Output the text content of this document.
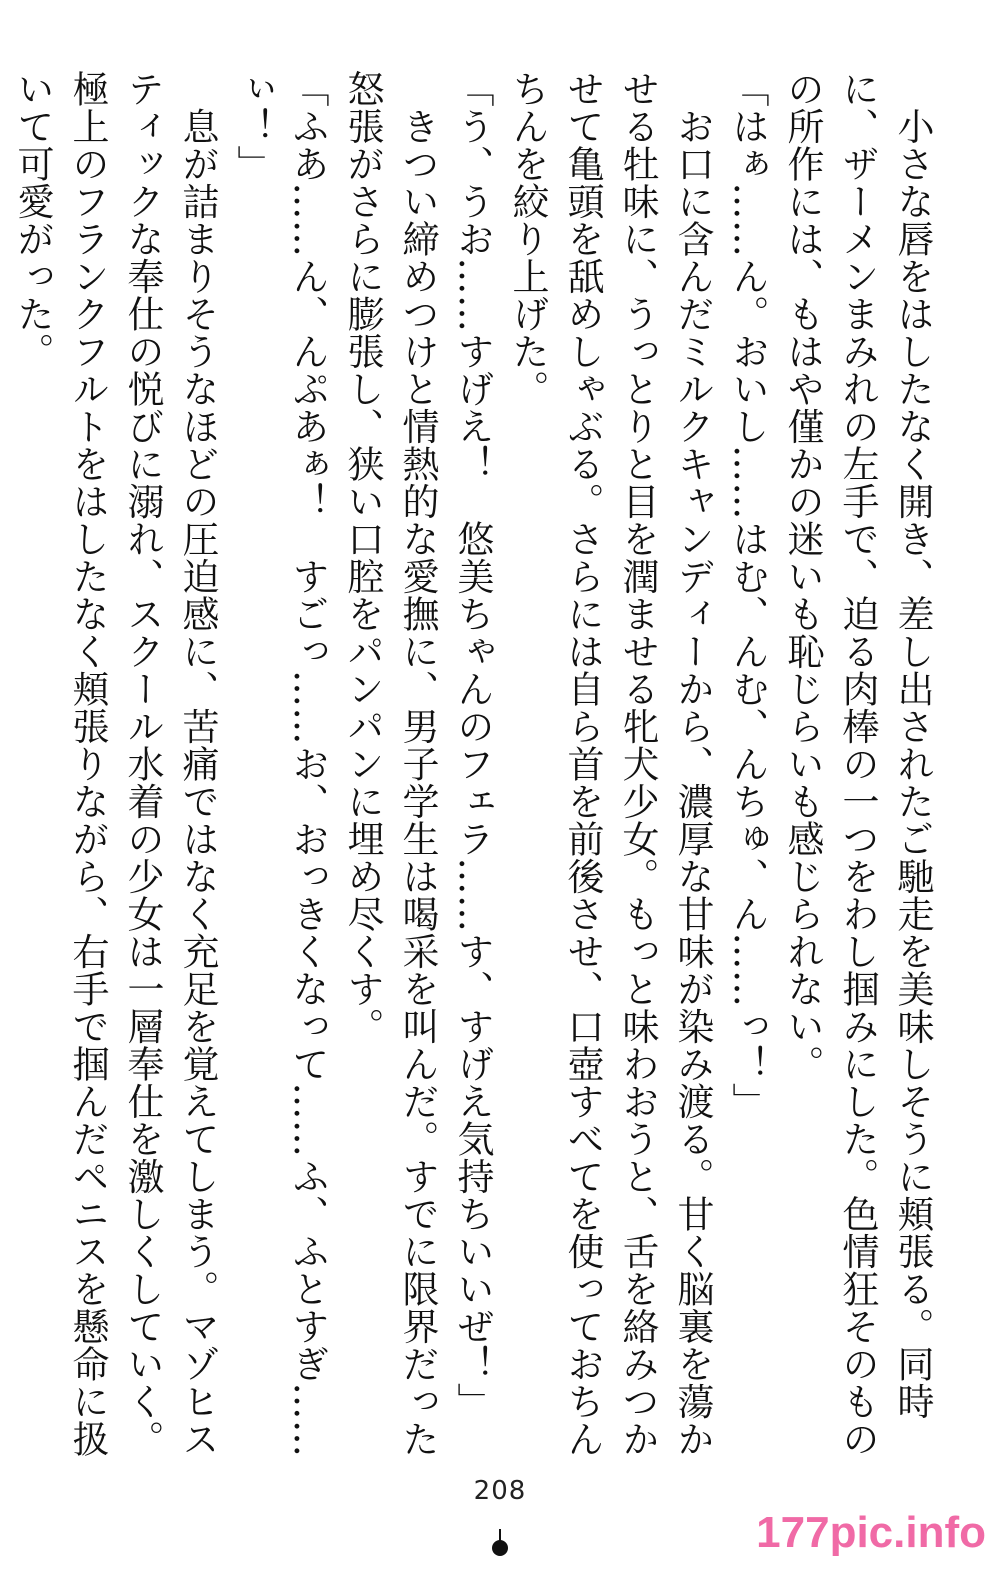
　小さな唇をはしたなく開き、差し出されたご馳走を美味しそうに頬張る。同時に、ザーメンまみれの左手で、迫る肉棒の一つをわし掴みにした。色情狂そのものの所作には、もはや僅かの迷いも恥じらいも感じられない。

「はぁ……ん。おいし……はむ、んむ、んちゅ、ん……っ！」

　お口に含んだミルクキャンディーから、濃厚な甘味が染み渡る。甘く脳裏を蕩かせる牡味に、うっとりと目を潤ませる牝犬少女。もっと味わおうと、舌を絡みつかせて亀頭を舐めしゃぶる。さらには自ら首を前後させ、口壺すべてを使っておちんちんを絞り上げた。

「う、うお……すげえ！　悠美ちゃんのフェラ……す、すげえ気持ちいいぜ！」

　きつい締めつけと情熱的な愛撫に、男子学生は喝采を叫んだ。すでに限界だった怒張がさらに膨張し、狭い口腔をパンパンに埋め尽くす。

「ふあ……ん、んぷあぁ！　すごっ……お、おっきくなって……ふ、ふとすぎ……ぃ！」

　息が詰まりそうなほどの圧迫感に、苦痛ではなく充足を覚えてしまう。マゾヒスティックな奉仕の悦びに溺れ、スクール水着の少女は一層奉仕を激しくしていく。極上のフランクフルトをはしたなく頬張りながら、右手で掴んだペニスを懸命に扱いて可愛がった。

208
177pic.info
